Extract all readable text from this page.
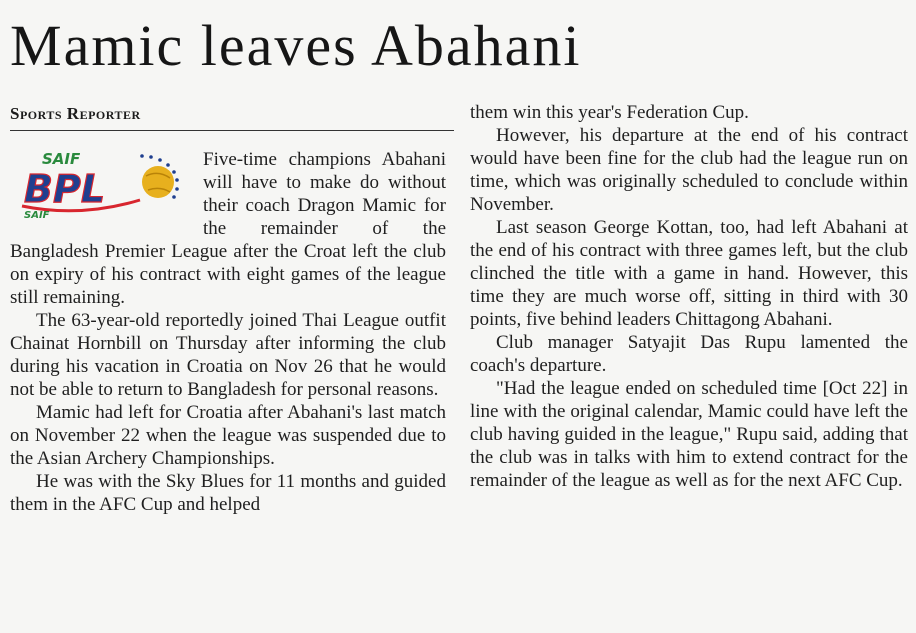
Mamic leaves Abahani
Sports Reporter
SAIF
BPL
SAIF

Five-time champions Abahani will have to make do without their coach Dragon Mamic for the remainder of the Bangladesh Premier League after the Croat left the club on expiry of his contract with eight games of the league still remaining.

The 63-year-old reportedly joined Thai League outfit Chainat Hornbill on Thursday after informing the club during his vacation in Croatia on Nov 26 that he would not be able to return to Bangladesh for personal reasons.

Mamic had left for Croatia after Abahani's last match on November 22 when the league was suspended due to the Asian Archery Championships.

He was with the Sky Blues for 11 months and guided them in the AFC Cup and helped

them win this year's Federation Cup.

However, his departure at the end of his contract would have been fine for the club had the league run on time, which was originally scheduled to conclude within November.

Last season George Kottan, too, had left Abahani at the end of his contract with three games left, but the club clinched the title with a game in hand. However, this time they are much worse off, sitting in third with 30 points, five behind leaders Chittagong Abahani.

Club manager Satyajit Das Rupu lamented the coach's departure.

"Had the league ended on scheduled time [Oct 22] in line with the original calendar, Mamic could have left the club having guided in the league," Rupu said, adding that the club was in talks with him to extend contract for the remainder of the league as well as for the next AFC Cup.
